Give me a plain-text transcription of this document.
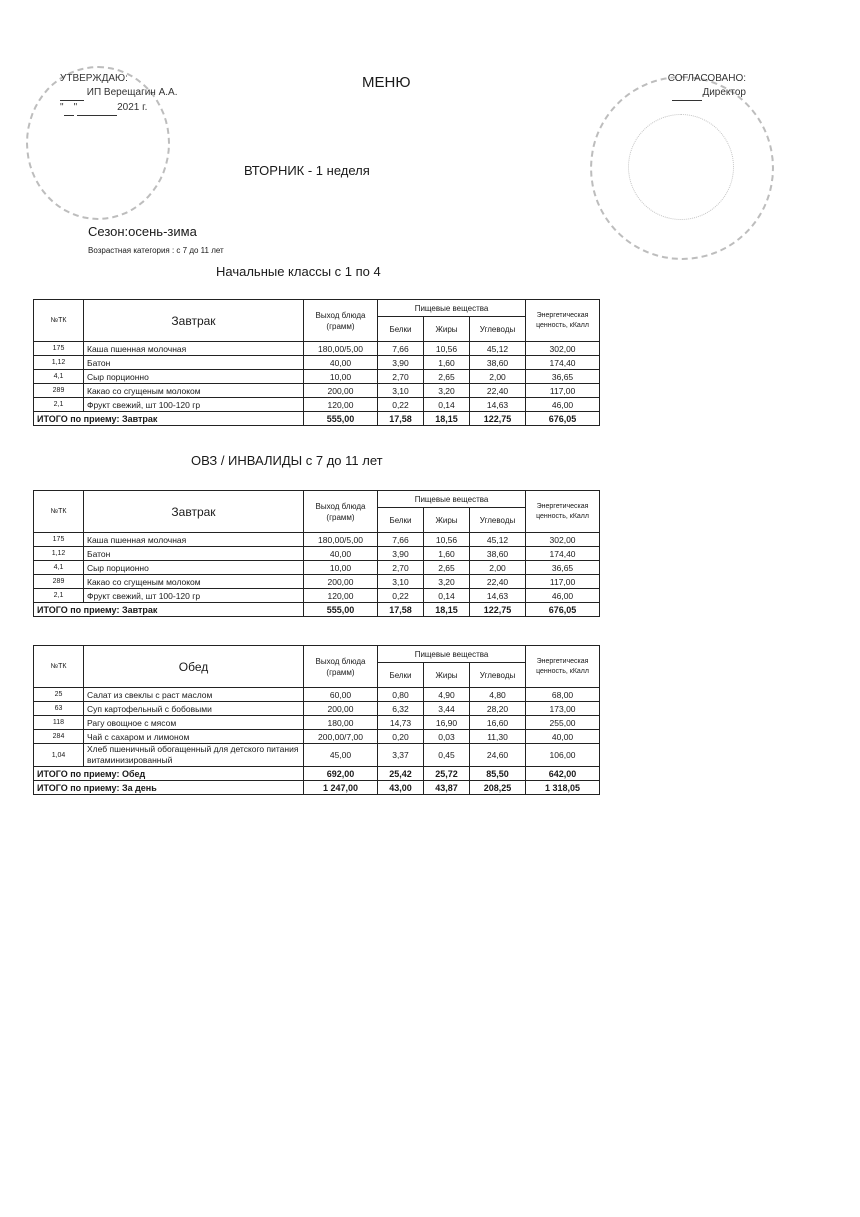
УТВЕРЖДАЮ:
ИП Верещагин А.А.
" "	2021 г.
СОГЛАСОВАНО:
Директор
МЕНЮ
ВТОРНИК - 1 неделя
Сезон:осень-зима
Возрастная категория : с 7 до 11 лет
Начальные классы с 1 по 4
ОВЗ / ИНВАЛИДЫ с 7 до 11 лет
№ТК	Завтрак	Выход блюда (грамм)	Пищевые вещества			Энергетическая ценность, кКалл
			Белки	Жиры	Углеводы	
175	Каша пшенная молочная	180,00/5,00	7,66	10,56	45,12	302,00
1,12	Батон	40,00	3,90	1,60	38,60	174,40
4,1	Сыр порционно	10,00	2,70	2,65	2,00	36,65
289	Какао со сгущеным молоком	200,00	3,10	3,20	22,40	117,00
2,1	Фрукт свежий, шт 100-120 гр	120,00	0,22	0,14	14,63	46,00
ИТОГО по приему: Завтрак		555,00	17,58	18,15	122,75	676,05
№ТК	Завтрак	Выход блюда (грамм)	Пищевые вещества			Энергетическая ценность, кКалл
			Белки	Жиры	Углеводы	
175	Каша пшенная молочная	180,00/5,00	7,66	10,56	45,12	302,00
1,12	Батон	40,00	3,90	1,60	38,60	174,40
4,1	Сыр порционно	10,00	2,70	2,65	2,00	36,65
289	Какао со сгущеным молоком	200,00	3,10	3,20	22,40	117,00
2,1	Фрукт свежий, шт 100-120 гр	120,00	0,22	0,14	14,63	46,00
ИТОГО по приему: Завтрак		555,00	17,58	18,15	122,75	676,05
№ТК	Обед	Выход блюда (грамм)	Пищевые вещества			Энергетическая ценность, кКалл
			Белки	Жиры	Углеводы	
25	Салат из свеклы с раст маслом	60,00	0,80	4,90	4,80	68,00
63	Суп картофельный с бобовыми	200,00	6,32	3,44	28,20	173,00
118	Рагу овощное с мясом	180,00	14,73	16,90	16,60	255,00
284	Чай с сахаром и лимоном	200,00/7,00	0,20	0,03	11,30	40,00
1,04	Хлеб пшеничный обогащенный для детского питания витаминизированный	45,00	3,37	0,45	24,60	106,00
ИТОГО по приему: Обед		692,00	25,42	25,72	85,50	642,00
ИТОГО по приему: За день		1 247,00	43,00	43,87	208,25	1 318,05
